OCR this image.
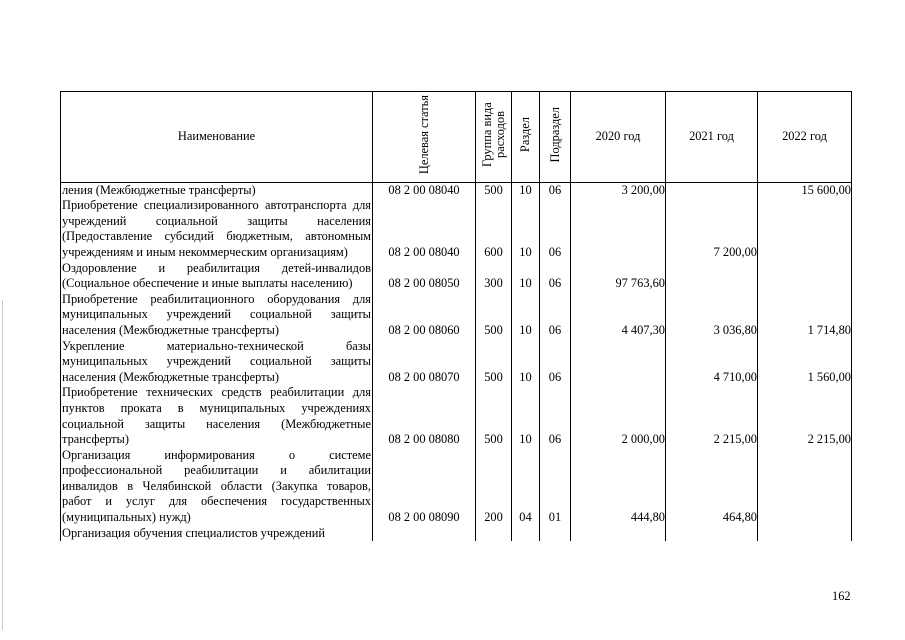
Наименование	Целевая статья	Группа вида расходов	Раздел	Подраздел	2020 год	2021 год	2022 год
ления (Межбюджетные трансферты)	08 2 00 08040	500	10	06	3 200,00		15 600,00
Приобретение специализированного автотранспорта для учреждений социальной защиты населения (Предоставление субсидий бюджетным, автономным учреждениям и иным некоммерческим организациям)	08 2 00 08040	600	10	06		7 200,00	
Оздоровление и реабилитация детей-инвалидов (Социальное обеспечение и иные выплаты населению)	08 2 00 08050	300	10	06	97 763,60		
Приобретение реабилитационного оборудования для муниципальных учреждений социальной защиты населения (Межбюджетные трансферты)	08 2 00 08060	500	10	06	4 407,30	3 036,80	1 714,80
Укрепление материально-технической базы муниципальных учреждений социальной защиты населения (Межбюджетные трансферты)	08 2 00 08070	500	10	06		4 710,00	1 560,00
Приобретение технических средств реабилитации для пунктов проката в муниципальных учреждениях социальной защиты населения (Межбюджетные трансферты)	08 2 00 08080	500	10	06	2 000,00	2 215,00	2 215,00
Организация информирования о системе профессиональной реабилитации и абилитации инвалидов в Челябинской области (Закупка товаров, работ и услуг для обеспечения государственных (муниципальных) нужд)	08 2 00 08090	200	04	01	444,80	464,80	
Организация обучения специалистов учреждений							
162
